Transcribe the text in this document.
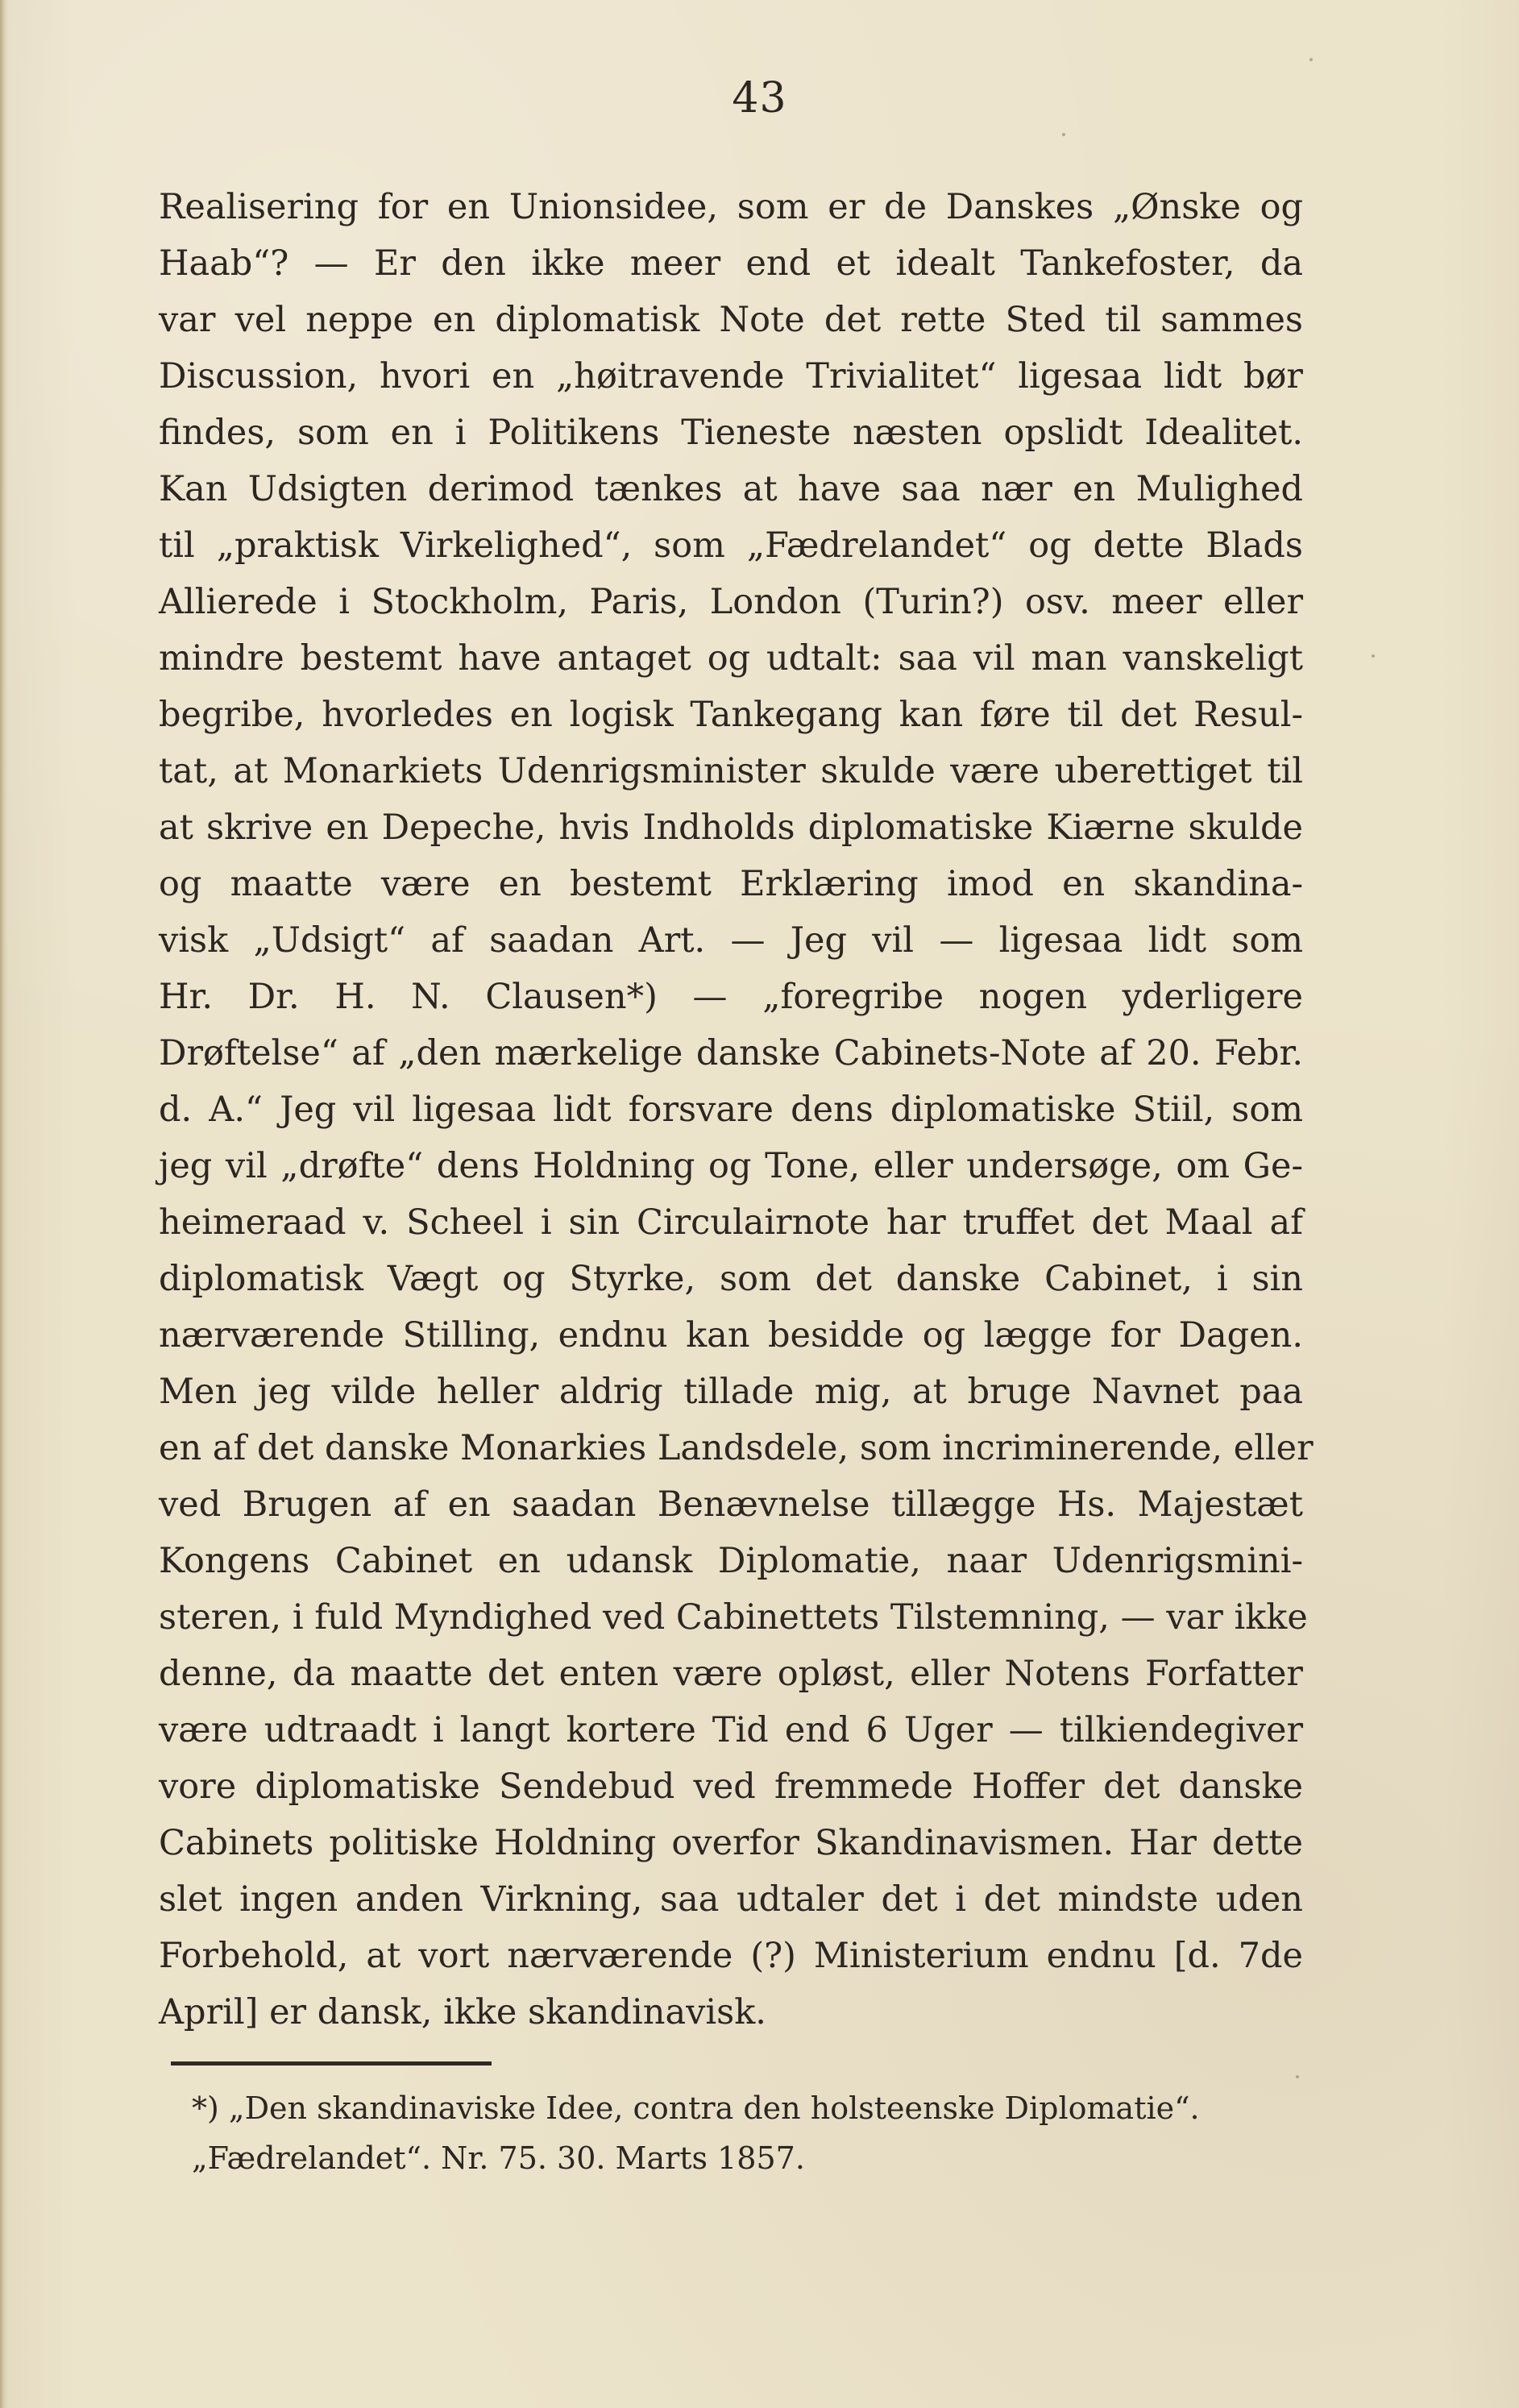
43
Realisering for en Unionsidee, som er de Danskes „Ønske og
Haab“? — Er den ikke meer end et idealt Tankefoster, da
var vel neppe en diplomatisk Note det rette Sted til sammes
Discussion, hvori en „høitravende Trivialitet“ ligesaa lidt bør
findes, som en i Politikens Tieneste næsten opslidt Idealitet.
Kan Udsigten derimod tænkes at have saa nær en Mulighed
til „praktisk Virkelighed“, som „Fædrelandet“ og dette Blads
Allierede i Stockholm, Paris, London (Turin?) osv. meer eller
mindre bestemt have antaget og udtalt: saa vil man vanskeligt
begribe, hvorledes en logisk Tankegang kan føre til det Resul-
tat, at Monarkiets Udenrigsminister skulde være uberettiget til
at skrive en Depeche, hvis Indholds diplomatiske Kiærne skulde
og maatte være en bestemt Erklæring imod en skandina-
visk „Udsigt“ af saadan Art. — Jeg vil — ligesaa lidt som
Hr. Dr. H. N. Clausen*) — „foregribe nogen yderligere
Drøftelse“ af „den mærkelige danske Cabinets-Note af 20. Febr.
d. A.“ Jeg vil ligesaa lidt forsvare dens diplomatiske Stiil, som
jeg vil „drøfte“ dens Holdning og Tone, eller undersøge, om Ge-
heimeraad v. Scheel i sin Circulairnote har truffet det Maal af
diplomatisk Vægt og Styrke, som det danske Cabinet, i sin
nærværende Stilling, endnu kan besidde og lægge for Dagen.
Men jeg vilde heller aldrig tillade mig, at bruge Navnet paa
en af det danske Monarkies Landsdele, som incriminerende, eller
ved Brugen af en saadan Benævnelse tillægge Hs. Majestæt
Kongens Cabinet en udansk Diplomatie, naar Udenrigsmini-
steren, i fuld Myndighed ved Cabinettets Tilstemning, — var ikke
denne, da maatte det enten være opløst, eller Notens Forfatter
være udtraadt i langt kortere Tid end 6 Uger — tilkiendegiver
vore diplomatiske Sendebud ved fremmede Hoffer det danske
Cabinets politiske Holdning overfor Skandinavismen. Har dette
slet ingen anden Virkning, saa udtaler det i det mindste uden
Forbehold, at vort nærværende (?) Ministerium endnu [d. 7de
April] er dansk, ikke skandinavisk.
*) „Den skandinaviske Idee, contra den holsteenske Diplomatie“.
„Fædrelandet“. Nr. 75. 30. Marts 1857.
